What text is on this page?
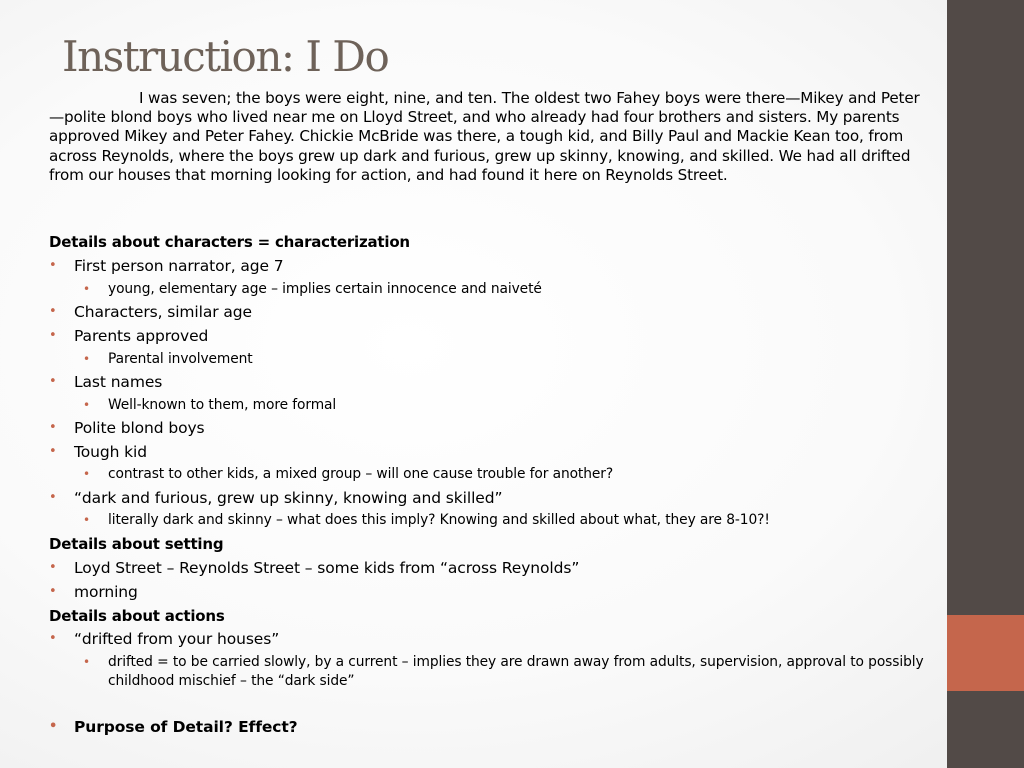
Instruction: I Do
I was seven; the boys were eight, nine, and ten. The oldest two Fahey boys were there—Mikey and Peter—polite blond boys who lived near me on Lloyd Street, and who already had four brothers and sisters. My parents approved Mikey and Peter Fahey. Chickie McBride was there, a tough kid, and Billy Paul and Mackie Kean too, from across Reynolds, where the boys grew up dark and furious, grew up skinny, knowing, and skilled. We had all drifted from our houses that morning looking for action, and had found it here on Reynolds Street.
Details about characters = characterization
• First person narrator, age 7
• young, elementary age – implies certain innocence and naiveté
• Characters, similar age
• Parents approved
• Parental involvement
• Last names
• Well-known to them, more formal
• Polite blond boys
• Tough kid
• contrast to other kids, a mixed group – will one cause trouble for another?
• “dark and furious, grew up skinny, knowing and skilled”
• literally dark and skinny – what does this imply? Knowing and skilled about what, they are 8-10?!
Details about setting
• Loyd Street – Reynolds Street – some kids from “across Reynolds”
• morning
Details about actions
• “drifted from your houses”
• drifted = to be carried slowly, by a current – implies they are drawn away from adults, supervision, approval to possibly childhood mischief – the “dark side”
• Purpose of Detail? Effect?
